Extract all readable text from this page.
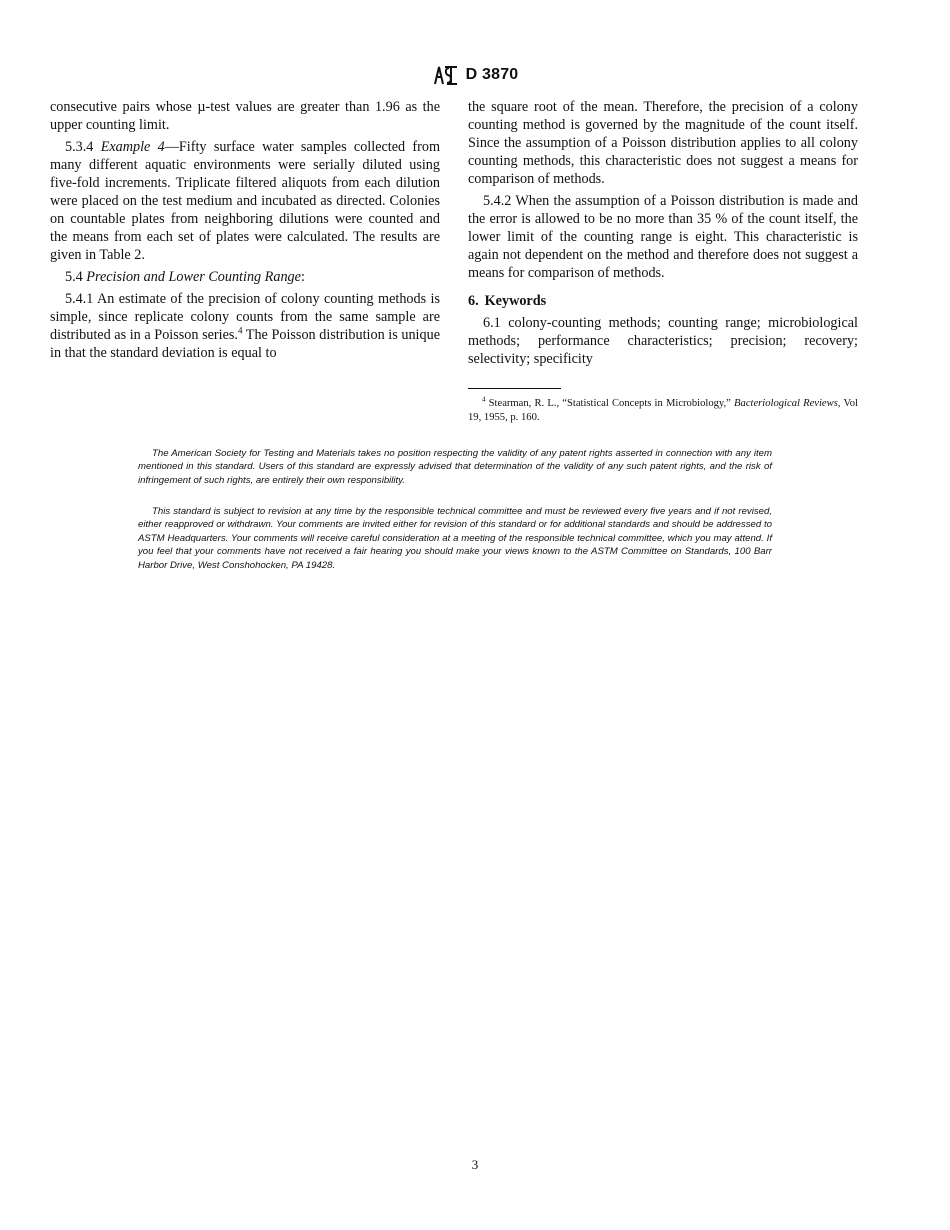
D 3870

consecutive pairs whose µ-test values are greater than 1.96 as the upper counting limit.

5.3.4 Example 4—Fifty surface water samples collected from many different aquatic environments were serially diluted using five-fold increments. Triplicate filtered aliquots from each dilution were placed on the test medium and incubated as directed. Colonies on countable plates from neighboring dilutions were counted and the means from each set of plates were calculated. The results are given in Table 2.

5.4 Precision and Lower Counting Range:

5.4.1 An estimate of the precision of colony counting methods is simple, since replicate colony counts from the same sample are distributed as in a Poisson series.$^4$ The Poisson distribution is unique in that the standard deviation is equal to

the square root of the mean. Therefore, the precision of a colony counting method is governed by the magnitude of the count itself. Since the assumption of a Poisson distribution applies to all colony counting methods, this characteristic does not suggest a means for comparison of methods.

5.4.2 When the assumption of a Poisson distribution is made and the error is allowed to be no more than 35 % of the count itself, the lower limit of the counting range is eight. This characteristic is again not dependent on the method and therefore does not suggest a means for comparison of methods.

6. Keywords

6.1 colony-counting methods; counting range; microbiological methods; performance characteristics; precision; recovery; selectivity; specificity

$^4$ Stearman, R. L., “Statistical Concepts in Microbiology,” Bacteriological Reviews, Vol 19, 1955, p. 160.
The American Society for Testing and Materials takes no position respecting the validity of any patent rights asserted in connection with any item mentioned in this standard. Users of this standard are expressly advised that determination of the validity of any such patent rights, and the risk of infringement of such rights, are entirely their own responsibility.
This standard is subject to revision at any time by the responsible technical committee and must be reviewed every five years and if not revised, either reapproved or withdrawn. Your comments are invited either for revision of this standard or for additional standards and should be addressed to ASTM Headquarters. Your comments will receive careful consideration at a meeting of the responsible technical committee, which you may attend. If you feel that your comments have not received a fair hearing you should make your views known to the ASTM Committee on Standards, 100 Barr Harbor Drive, West Conshohocken, PA 19428.
3
